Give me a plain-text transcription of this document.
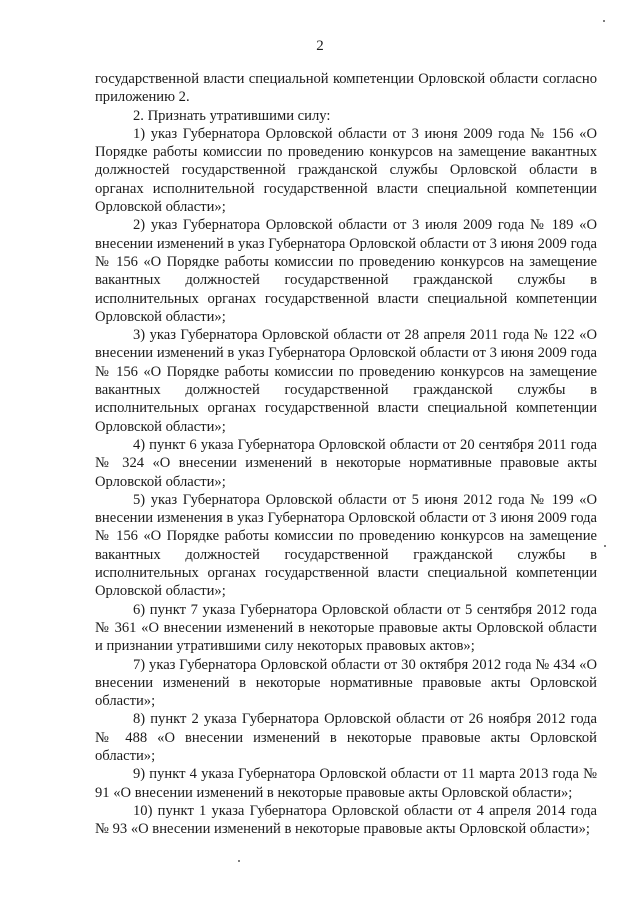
2

государственной власти специальной компетенции Орловской области согласно приложению 2.

2. Признать утратившими силу:

1) указ Губернатора Орловской области от 3 июня 2009 года № 156 «О Порядке работы комиссии по проведению конкурсов на замещение вакантных должностей государственной гражданской службы Орловской области в органах исполнительной государственной власти специальной компетенции Орловской области»;

2) указ Губернатора Орловской области от 3 июля 2009 года № 189 «О внесении изменений в указ Губернатора Орловской области от 3 июня 2009 года № 156 «О Порядке работы комиссии по проведению конкурсов на замещение вакантных должностей государственной гражданской службы в исполнительных органах государственной власти специальной компетенции Орловской области»;

3) указ Губернатора Орловской области от 28 апреля 2011 года № 122 «О внесении изменений в указ Губернатора Орловской области от 3 июня 2009 года № 156 «О Порядке работы комиссии по проведению конкурсов на замещение вакантных должностей государственной гражданской службы в исполнительных органах государственной власти специальной компетенции Орловской области»;

4) пункт 6 указа Губернатора Орловской области от 20 сентября 2011 года № 324 «О внесении изменений в некоторые нормативные правовые акты Орловской области»;

5) указ Губернатора Орловской области от 5 июня 2012 года № 199 «О внесении изменения в указ Губернатора Орловской области от 3 июня 2009 года № 156 «О Порядке работы комиссии по проведению конкурсов на замещение вакантных должностей государственной гражданской службы в исполнительных органах государственной власти специальной компетенции Орловской области»;

6) пункт 7 указа Губернатора Орловской области от 5 сентября 2012 года № 361 «О внесении изменений в некоторые правовые акты Орловской области и признании утратившими силу некоторых правовых актов»;

7) указ Губернатора Орловской области от 30 октября 2012 года № 434 «О внесении изменений в некоторые нормативные правовые акты Орловской области»;

8) пункт 2 указа Губернатора Орловской области от 26 ноября 2012 года № 488 «О внесении изменений в некоторые правовые акты Орловской области»;

9) пункт 4 указа Губернатора Орловской области от 11 марта 2013 года № 91 «О внесении изменений в некоторые правовые акты Орловской области»;

10) пункт 1 указа Губернатора Орловской области от 4 апреля 2014 года № 93 «О внесении изменений в некоторые правовые акты Орловской области»;
